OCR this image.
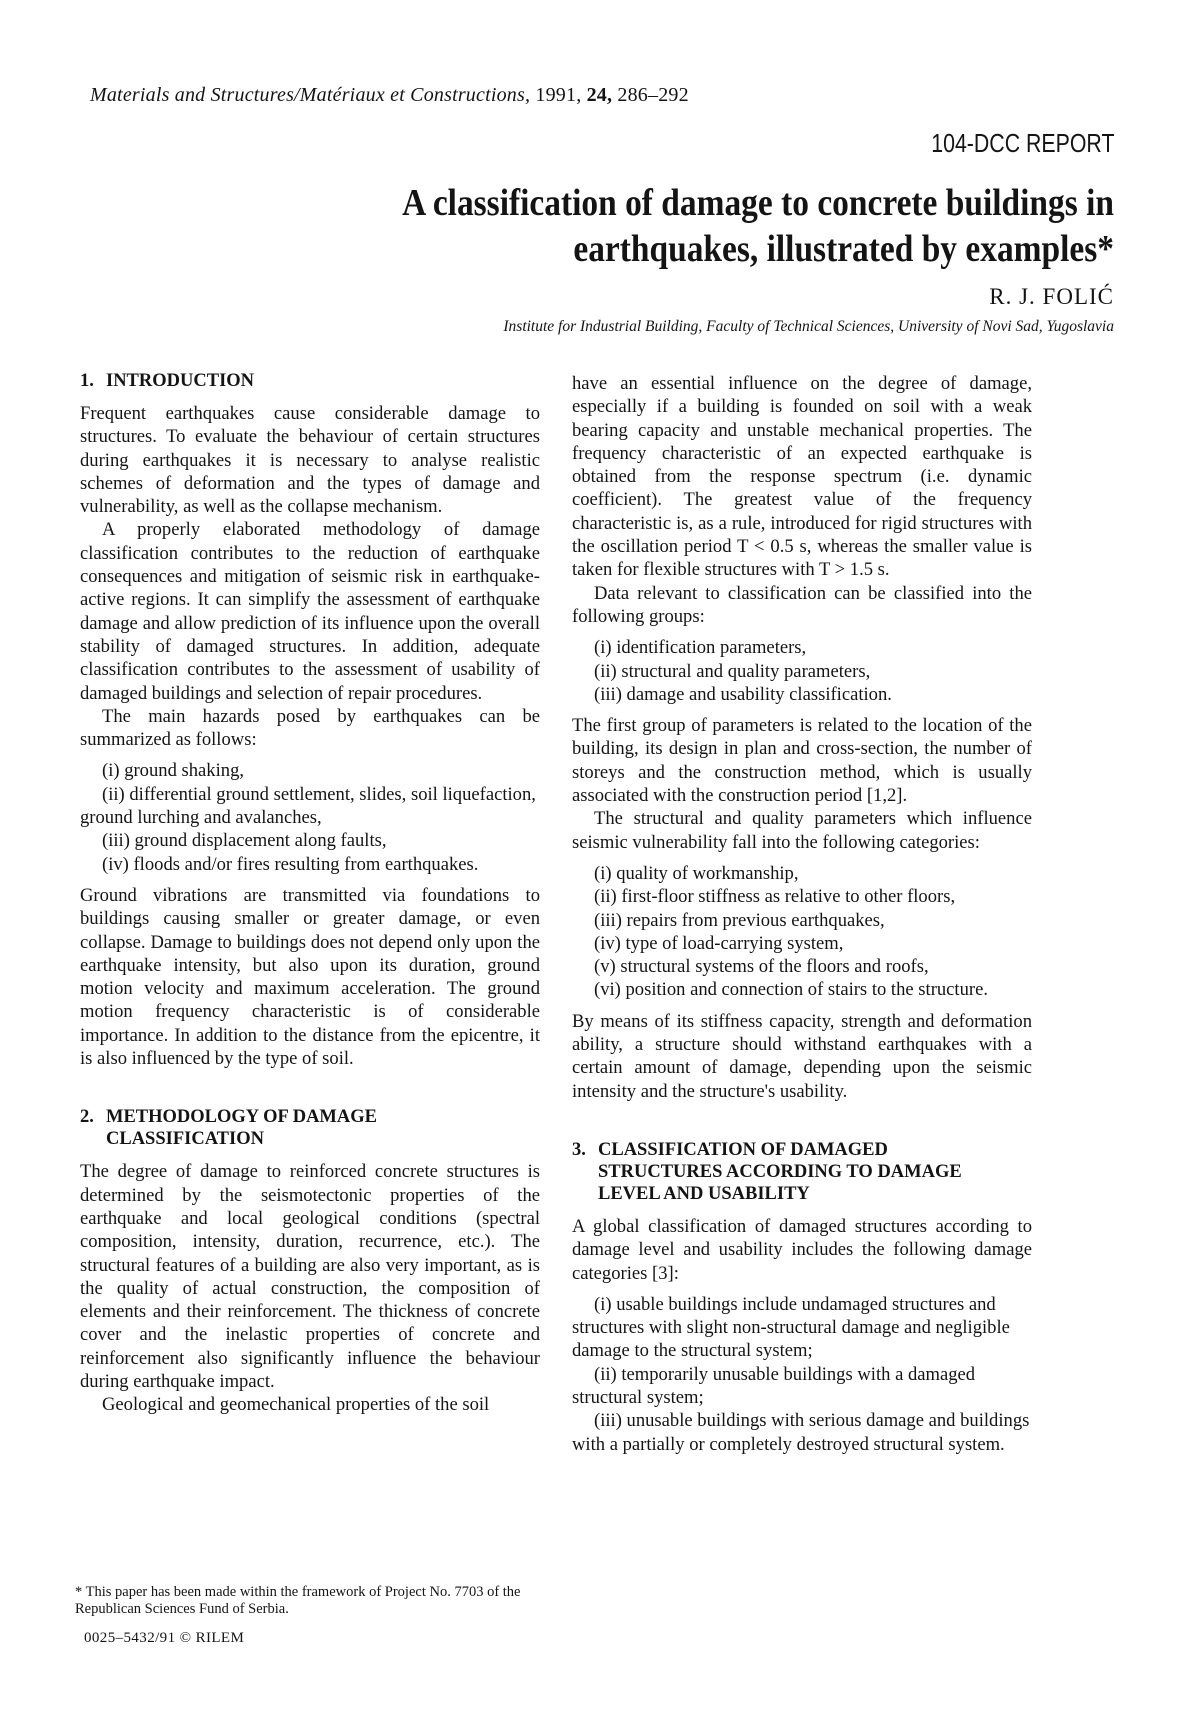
Materials and Structures/Matériaux et Constructions, 1991, 24, 286–292
104-DCC REPORT
A classification of damage to concrete buildings in
earthquakes, illustrated by examples*
R. J. FOLIĆ
Institute for Industrial Building, Faculty of Technical Sciences, University of Novi Sad, Yugoslavia
1. INTRODUCTION

Frequent earthquakes cause considerable damage to structures. To evaluate the behaviour of certain structures during earthquakes it is necessary to analyse realistic schemes of deformation and the types of damage and vulnerability, as well as the collapse mechanism.

A properly elaborated methodology of damage classification contributes to the reduction of earthquake consequences and mitigation of seismic risk in earthquake-active regions. It can simplify the assessment of earthquake damage and allow prediction of its influence upon the overall stability of damaged structures. In addition, adequate classification contributes to the assessment of usability of damaged buildings and selection of repair procedures.

The main hazards posed by earthquakes can be summarized as follows:

(i) ground shaking,
(ii) differential ground settlement, slides, soil liquefaction, ground lurching and avalanches,
(iii) ground displacement along faults,
(iv) floods and/or fires resulting from earthquakes.

Ground vibrations are transmitted via foundations to buildings causing smaller or greater damage, or even collapse. Damage to buildings does not depend only upon the earthquake intensity, but also upon its duration, ground motion velocity and maximum acceleration. The ground motion frequency characteristic is of considerable importance. In addition to the distance from the epicentre, it is also influenced by the type of soil.

2. METHODOLOGY OF DAMAGE
CLASSIFICATION

The degree of damage to reinforced concrete structures is determined by the seismotectonic properties of the earthquake and local geological conditions (spectral composition, intensity, duration, recurrence, etc.). The structural features of a building are also very important, as is the quality of actual construction, the composition of elements and their reinforcement. The thickness of concrete cover and the inelastic properties of concrete and reinforcement also significantly influence the behaviour during earthquake impact.

Geological and geomechanical properties of the soil

* This paper has been made within the framework of Project No. 7703 of the Republican Sciences Fund of Serbia.
0025–5432/91 © RILEM

have an essential influence on the degree of damage, especially if a building is founded on soil with a weak bearing capacity and unstable mechanical properties. The frequency characteristic of an expected earthquake is obtained from the response spectrum (i.e. dynamic coefficient). The greatest value of the frequency characteristic is, as a rule, introduced for rigid structures with the oscillation period T < 0.5 s, whereas the smaller value is taken for flexible structures with T > 1.5 s.

Data relevant to classification can be classified into the following groups:

(i) identification parameters,
(ii) structural and quality parameters,
(iii) damage and usability classification.

The first group of parameters is related to the location of the building, its design in plan and cross-section, the number of storeys and the construction method, which is usually associated with the construction period [1,2].

The structural and quality parameters which influence seismic vulnerability fall into the following categories:

(i) quality of workmanship,
(ii) first-floor stiffness as relative to other floors,
(iii) repairs from previous earthquakes,
(iv) type of load-carrying system,
(v) structural systems of the floors and roofs,
(vi) position and connection of stairs to the structure.

By means of its stiffness capacity, strength and deformation ability, a structure should withstand earthquakes with a certain amount of damage, depending upon the seismic intensity and the structure's usability.

3. CLASSIFICATION OF DAMAGED
STRUCTURES ACCORDING TO DAMAGE
LEVEL AND USABILITY

A global classification of damaged structures according to damage level and usability includes the following damage categories [3]:

(i) usable buildings include undamaged structures and structures with slight non-structural damage and negligible damage to the structural system;
(ii) temporarily unusable buildings with a damaged structural system;
(iii) unusable buildings with serious damage and buildings with a partially or completely destroyed structural system.
